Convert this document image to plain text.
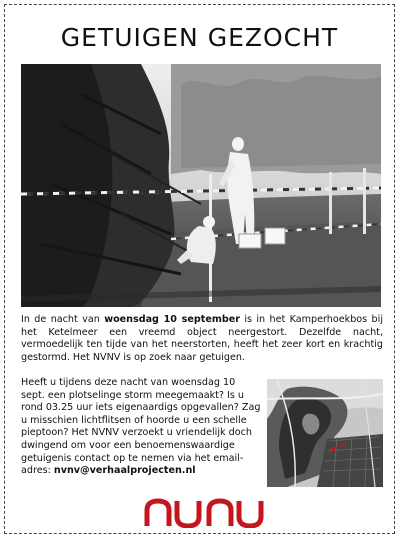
GETUIGEN GEZOCHT

In de nacht van woensdag 10 september is in het Kamperhoekbos bij het Ketelmeer een vreemd object neergestort. Dezelfde nacht, vermoedelijk ten tijde van het neerstorten, heeft het zeer kort en krachtig gestormd. Het NVNV is op zoek naar getuigen.

Heeft u tijdens deze nacht van woensdag 10 sept. een plotselinge storm meegemaakt? Is u rond 03.25 uur iets eigenaardigs opgevallen? Zag u misschien lichtflitsen of hoorde u een schelle pieptoon? Het NVNV verzoekt u vriendelijk doch dwingend om voor een benoemenswaardige getuigenis contact op te nemen via het email-adres: nvnv@verhaalprojecten.nl
